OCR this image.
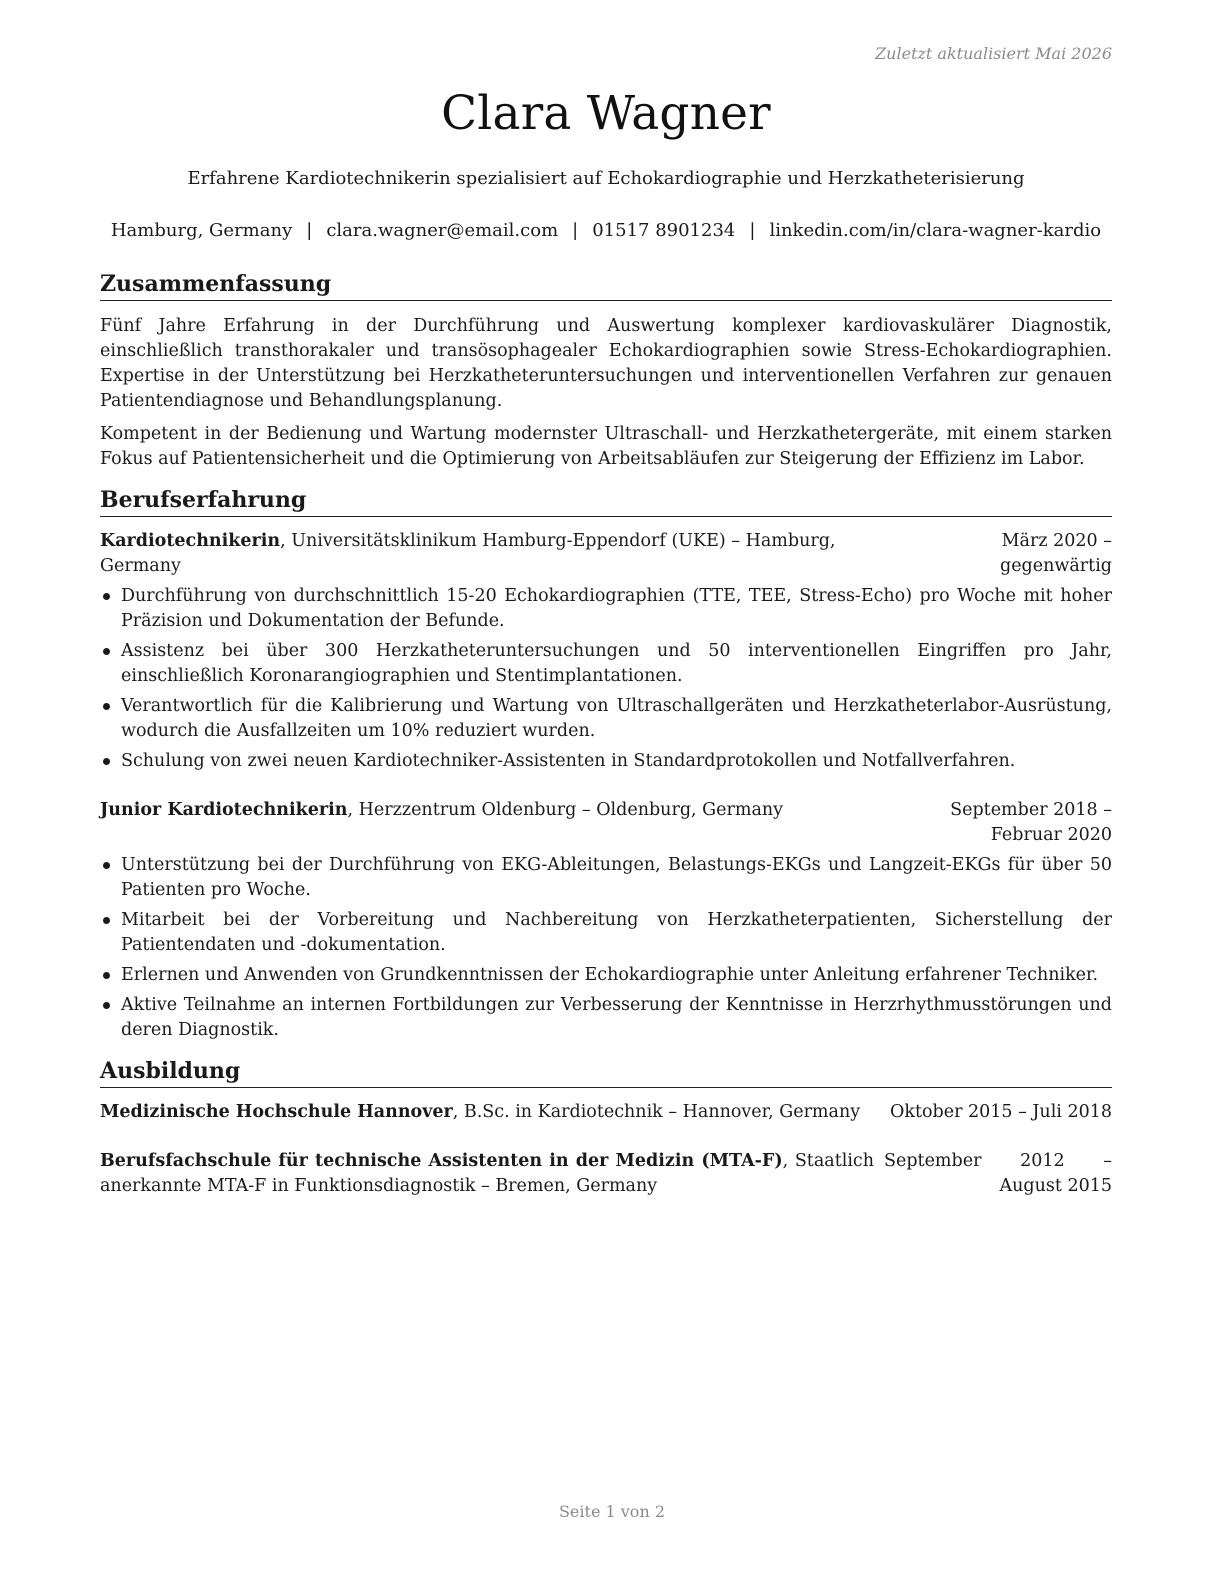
Zuletzt aktualisiert Mai 2026
Clara Wagner
Erfahrene Kardiotechnikerin spezialisiert auf Echokardiographie und Herzkatheterisierung
Hamburg, Germany | clara.wagner@email.com | 01517 8901234 | linkedin.com/in/clara-wagner-kardio
Zusammenfassung

Fünf Jahre Erfahrung in der Durchführung und Auswertung komplexer kardiovaskulärer Diagnostik, einschließlich transthorakaler und transösophagealer Echokardiographien sowie Stress-Echokardiographien. Expertise in der Unterstützung bei Herzkatheteruntersuchungen und interventionellen Verfahren zur genauen Patientendiagnose und Behandlungsplanung.

Kompetent in der Bedienung und Wartung modernster Ultraschall- und Herzkathetergeräte, mit einem starken Fokus auf Patientensicherheit und die Optimierung von Arbeitsabläufen zur Steigerung der Effizienz im Labor.

Berufserfahrung
Kardiotechnikerin, Universitätsklinikum Hamburg-Eppendorf (UKE) – Hamburg, Germany
März 2020 – gegenwärtig
Durchführung von durchschnittlich 15-20 Echokardiographien (TTE, TEE, Stress-Echo) pro Woche mit hoher Präzision und Dokumentation der Befunde.
Assistenz bei über 300 Herzkatheteruntersuchungen und 50 interventionellen Eingriffen pro Jahr, einschließlich Koronarangiographien und Stentimplantationen.
Verantwortlich für die Kalibrierung und Wartung von Ultraschallgeräten und Herzkatheterlabor-Ausrüstung, wodurch die Ausfallzeiten um 10% reduziert wurden.
Schulung von zwei neuen Kardiotechniker-Assistenten in Standardprotokollen und Notfallverfahren.
Junior Kardiotechnikerin, Herzzentrum Oldenburg – Oldenburg, Germany	September 2018 – Februar 2020
Unterstützung bei der Durchführung von EKG-Ableitungen, Belastungs-EKGs und Langzeit-EKGs für über 50 Patienten pro Woche.
Mitarbeit bei der Vorbereitung und Nachbereitung von Herzkatheterpatienten, Sicherstellung der Patientendaten und -dokumentation.
Erlernen und Anwenden von Grundkenntnissen der Echokardiographie unter Anleitung erfahrener Techniker.
Aktive Teilnahme an internen Fortbildungen zur Verbesserung der Kenntnisse in Herzrhythmusstörungen und deren Diagnostik.
Ausbildung
Medizinische Hochschule Hannover, B.Sc. in Kardiotechnik – Hannover, Germany	Oktober 2015 – Juli 2018
Berufsfachschule für technische Assistenten in der Medizin (MTA-F), Staatlich anerkannte MTA-F in Funktionsdiagnostik – Bremen, Germany
September 2012 – August 2015
Seite 1 von 2
